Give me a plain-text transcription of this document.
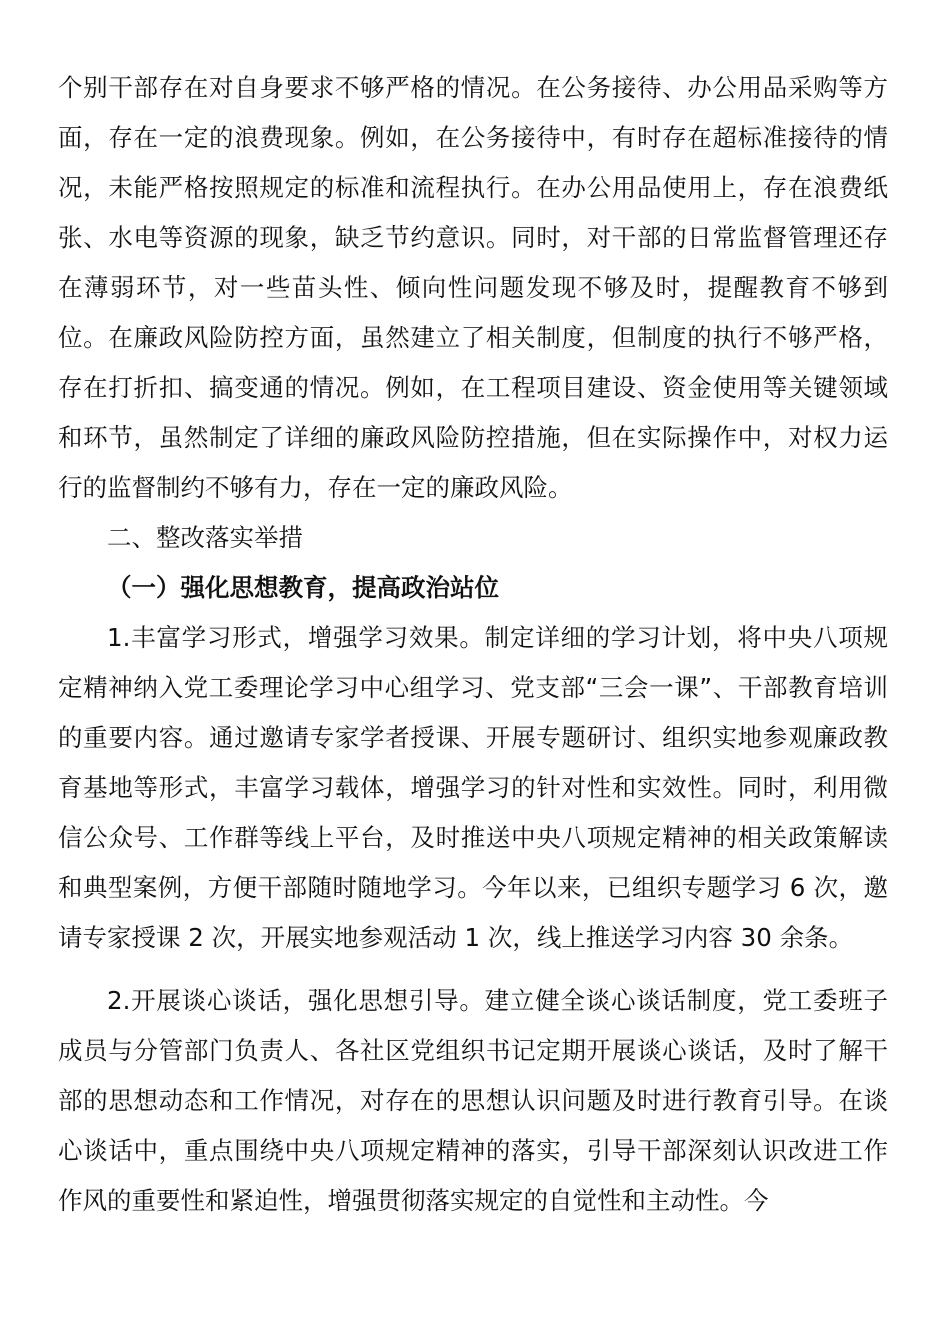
个别干部存在对自身要求不够严格的情况。在公务接待、办公用品采购等方面，存在一定的浪费现象。例如，在公务接待中，有时存在超标准接待的情况，未能严格按照规定的标准和流程执行。在办公用品使用上，存在浪费纸张、水电等资源的现象，缺乏节约意识。同时，对干部的日常监督管理还存在薄弱环节，对一些苗头性、倾向性问题发现不够及时，提醒教育不够到位。在廉政风险防控方面，虽然建立了相关制度，但制度的执行不够严格，存在打折扣、搞变通的情况。例如，在工程项目建设、资金使用等关键领域和环节，虽然制定了详细的廉政风险防控措施，但在实际操作中，对权力运行的监督制约不够有力，存在一定的廉政风险。

二、整改落实举措

（一）强化思想教育，提高政治站位

1.丰富学习形式，增强学习效果。制定详细的学习计划，将中央八项规定精神纳入党工委理论学习中心组学习、党支部“三会一课”、干部教育培训的重要内容。通过邀请专家学者授课、开展专题研讨、组织实地参观廉政教育基地等形式，丰富学习载体，增强学习的针对性和实效性。同时，利用微信公众号、工作群等线上平台，及时推送中央八项规定精神的相关政策解读和典型案例，方便干部随时随地学习。今年以来，已组织专题学习 6 次，邀请专家授课 2 次，开展实地参观活动 1 次，线上推送学习内容 30 余条。

2.开展谈心谈话，强化思想引导。建立健全谈心谈话制度，党工委班子成员与分管部门负责人、各社区党组织书记定期开展谈心谈话，及时了解干部的思想动态和工作情况，对存在的思想认识问题及时进行教育引导。在谈心谈话中，重点围绕中央八项规定精神的落实，引导干部深刻认识改进工作作风的重要性和紧迫性，增强贯彻落实规定的自觉性和主动性。今
